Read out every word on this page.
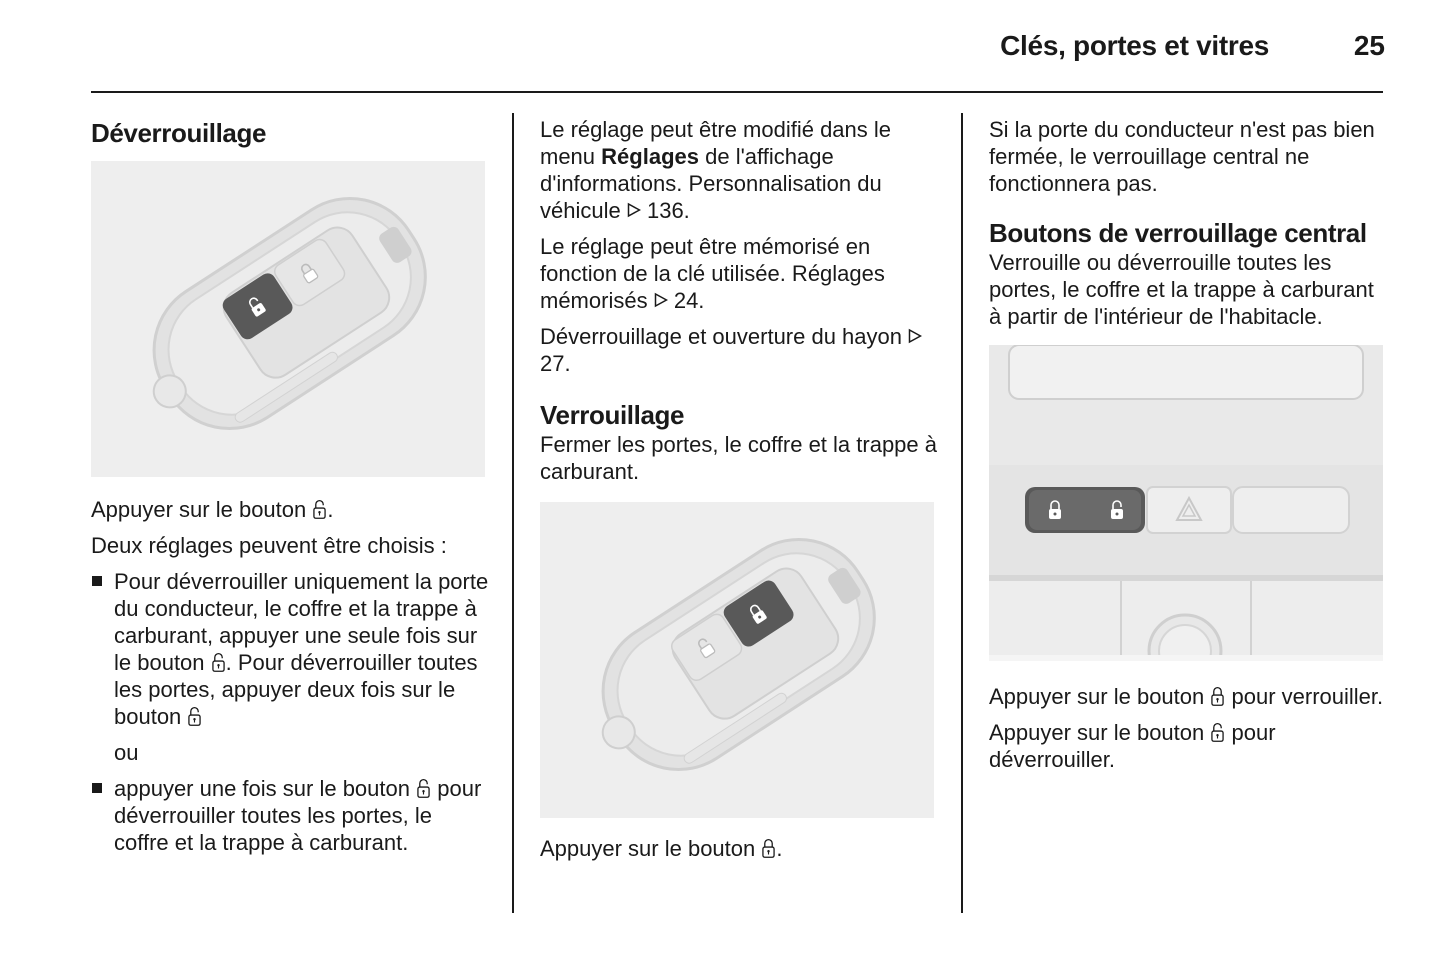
Clés, portes et vitres	25
Déverrouillage

Appuyer sur le bouton .

Deux réglages peuvent être choisis :

Pour déverrouiller uniquement la porte du conducteur, le coffre et la trappe à carburant, appuyer une seule fois sur le bouton . Pour déverrouiller toutes les portes, appuyer deux fois sur le bouton

ou

appuyer une fois sur le bouton pour déverrouiller toutes les portes, le coffre et la trappe à carburant.

Le réglage peut être modifié dans le menu Réglages de l'affichage d'informations. Personnalisation du véhicule 136.

Le réglage peut être mémorisé en fonction de la clé utilisée. Réglages mémorisés 24.

Déverrouillage et ouverture du hayon  27.

Verrouillage

Fermer les portes, le coffre et la trappe à carburant.

Appuyer sur le bouton .

Si la porte du conducteur n'est pas bien fermée, le verrouillage central ne fonctionnera pas.

Boutons de verrouillage central

Verrouille ou déverrouille toutes les portes, le coffre et la trappe à carburant à partir de l'intérieur de l'habitacle.

Appuyer sur le bouton pour verrouiller.

Appuyer sur le bouton pour déverrouiller.
